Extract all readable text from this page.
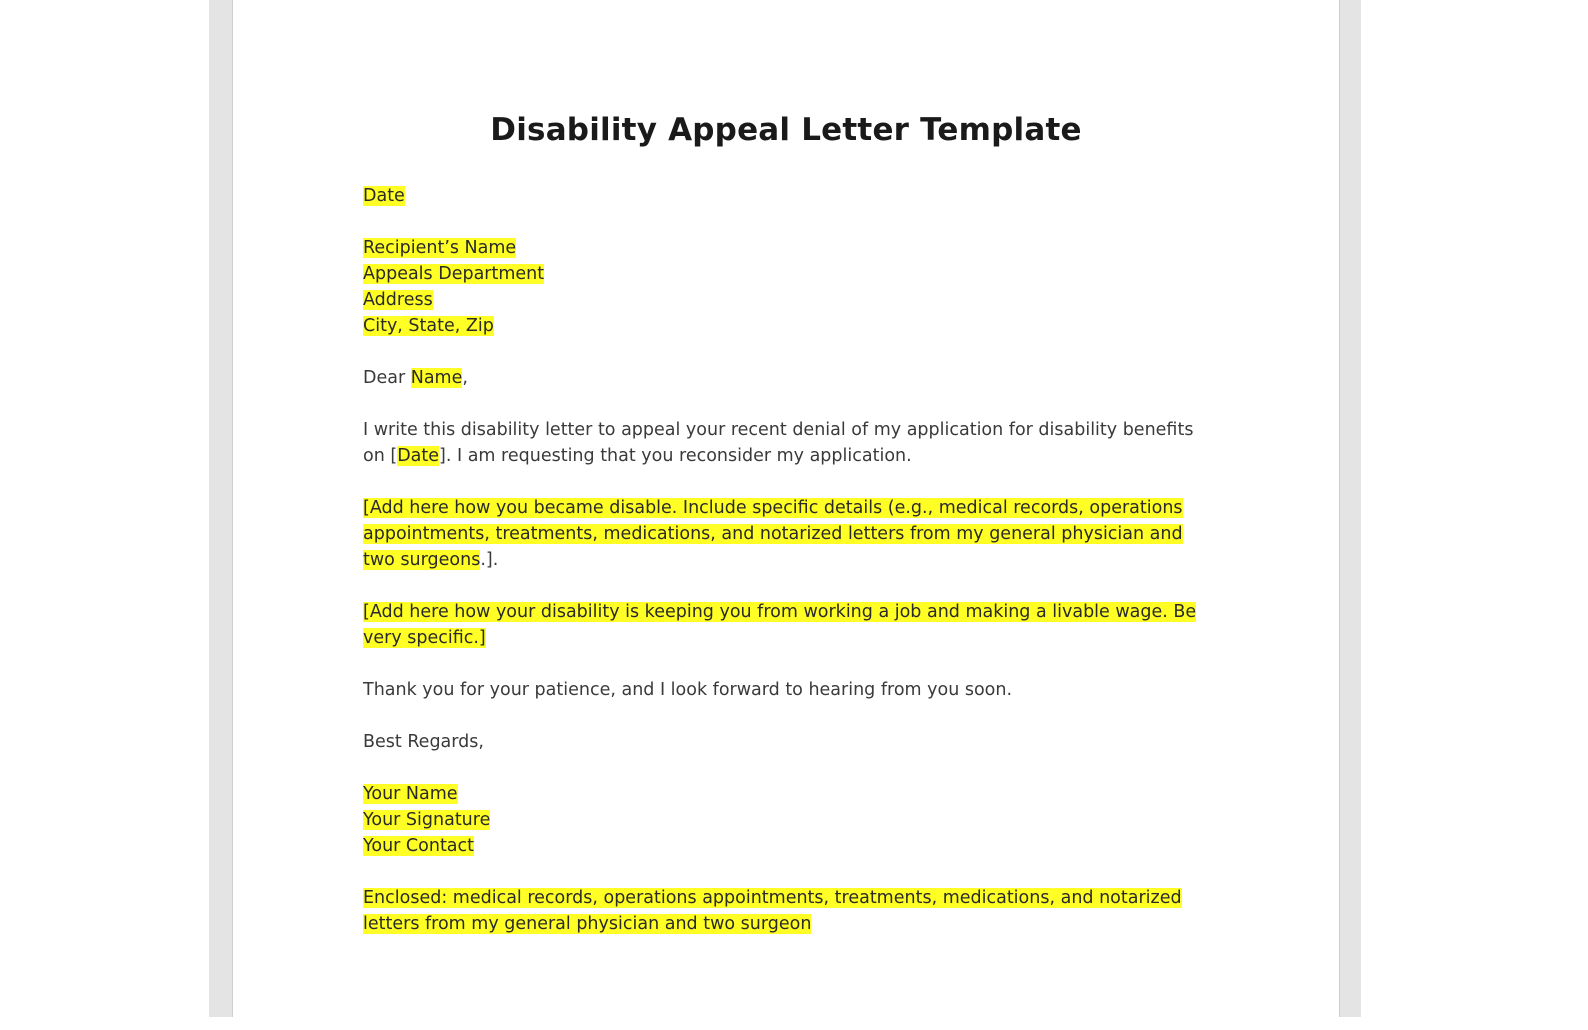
Disability Appeal Letter Template
Date
Recipient’s Name
Appeals Department
Address
City, State, Zip
Dear Name,
I write this disability letter to appeal your recent denial of my application for disability benefits on [Date]. I am requesting that you reconsider my application.
[Add here how you became disable. Include specific details (e.g., medical records, operations appointments, treatments, medications, and notarized letters from my general physician and two surgeons.].
[Add here how your disability is keeping you from working a job and making a livable wage. Be very specific.]
Thank you for your patience, and I look forward to hearing from you soon.
Best Regards,
Your Name
Your Signature
Your Contact
Enclosed: medical records, operations appointments, treatments, medications, and notarized letters from my general physician and two surgeon
